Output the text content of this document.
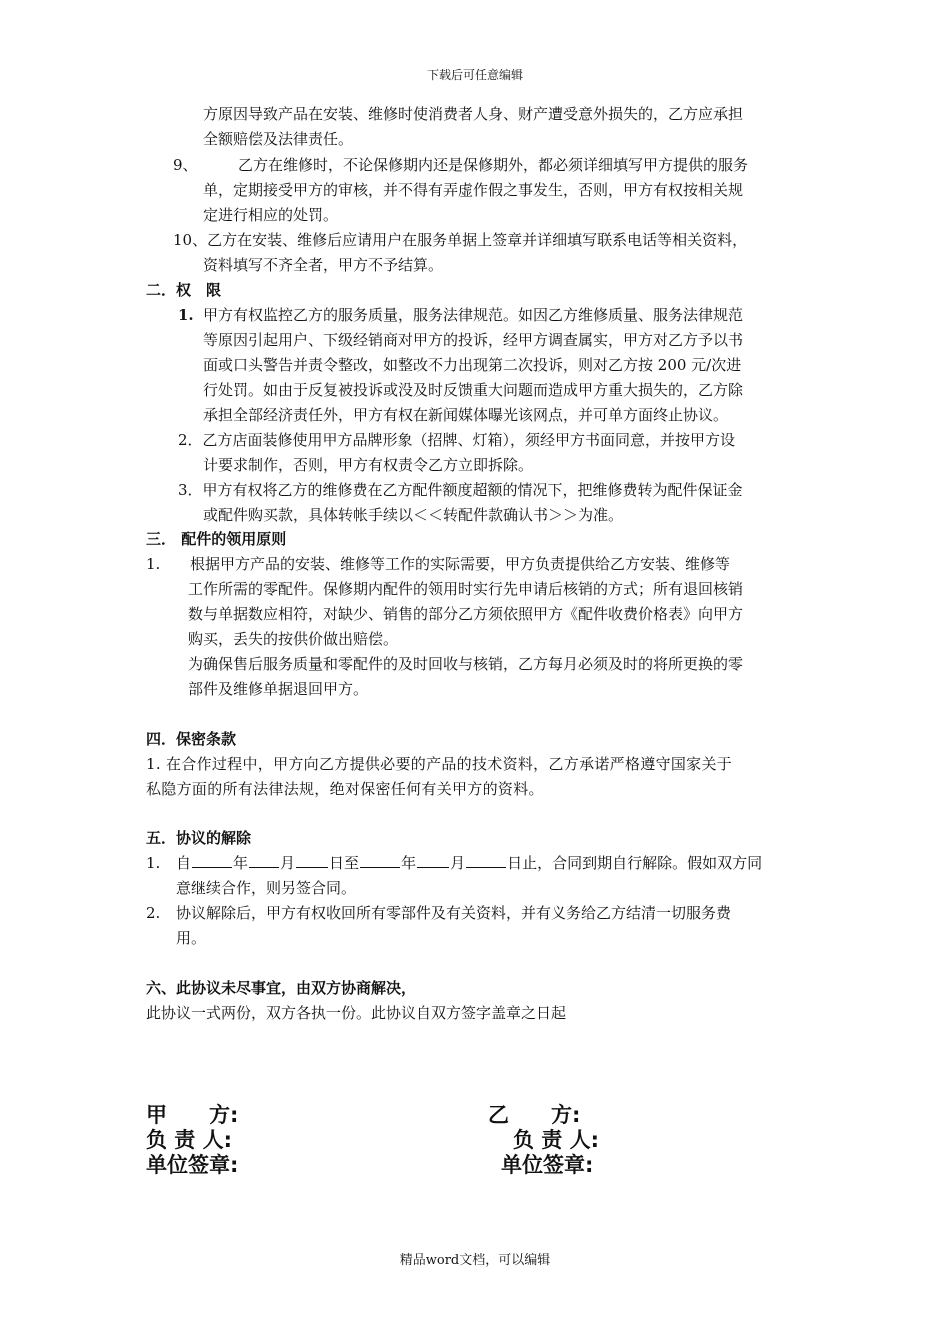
下载后可任意编辑
方原因导致产品在安装、维修时使消费者人身、财产遭受意外损失的，乙方应承担
全额赔偿及法律责任。
9、	乙方在维修时，不论保修期内还是保修期外，都必须详细填写甲方提供的服务
单，定期接受甲方的审核，并不得有弄虚作假之事发生，否则，甲方有权按相关规
定进行相应的处罚。
10、乙方在安装、维修后应请用户在服务单据上签章并详细填写联系电话等相关资料，
资料填写不齐全者，甲方不予结算。
二．权　限
1. 甲方有权监控乙方的服务质量，服务法律规范。如因乙方维修质量、服务法律规范
等原因引起用户、下级经销商对甲方的投诉，经甲方调查属实，甲方对乙方予以书
面或口头警告并责令整改，如整改不力出现第二次投诉，则对乙方按 200 元/次进
行处罚。如由于反复被投诉或没及时反馈重大问题而造成甲方重大损失的，乙方除
承担全部经济责任外，甲方有权在新闻媒体曝光该网点，并可单方面终止协议。
2．乙方店面装修使用甲方品牌形象（招牌、灯箱），须经甲方书面同意，并按甲方设
计要求制作，否则，甲方有权责令乙方立即拆除。
3．甲方有权将乙方的维修费在乙方配件额度超额的情况下，把维修费转为配件保证金
或配件购买款，具体转帐手续以＜＜转配件款确认书＞＞为准。
三． 配件的领用原则
1. 根据甲方产品的安装、维修等工作的实际需要，甲方负责提供给乙方安装、维修等
工作所需的零配件。保修期内配件的领用时实行先申请后核销的方式；所有退回核销
数与单据数应相符，对缺少、销售的部分乙方须依照甲方《配件收费价格表》向甲方
购买，丢失的按供价做出赔偿。
为确保售后服务质量和零配件的及时回收与核销，乙方每月必须及时的将所更换的零
部件及维修单据退回甲方。
四．保密条款
1. 在合作过程中，甲方向乙方提供必要的产品的技术资料，乙方承诺严格遵守国家关于
私隐方面的所有法律法规，绝对保密任何有关甲方的资料。
五．协议的解除
1. 自	年 月 日至	年 月	日止，合同到期自行解除。假如双方同
意继续合作，则另签合同。
2. 协议解除后，甲方有权收回所有零部件及有关资料，并有义务给乙方结清一切服务费
用。
六、此协议未尽事宜，由双方协商解决，
此协议一式两份，双方各执一份。此协议自双方签字盖章之日起
甲　　方:
负 责 人:
单位签章:
乙　　方:
负 责 人:
单位签章:
精品word文档，可以编辑
